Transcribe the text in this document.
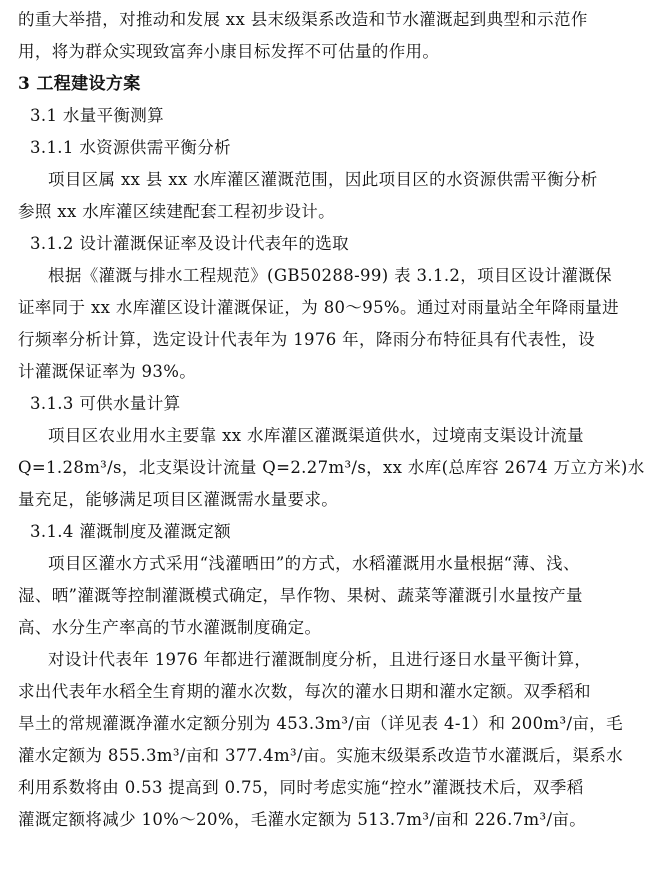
的重大举措，对推动和发展 xx 县末级渠系改造和节水灌溉起到典型和示范作
用，将为群众实现致富奔小康目标发挥不可估量的作用。
3 工程建设方案
3.1 水量平衡测算
3.1.1 水资源供需平衡分析
项目区属 xx 县 xx 水库灌区灌溉范围，因此项目区的水资源供需平衡分析
参照 xx 水库灌区续建配套工程初步设计。
3.1.2 设计灌溉保证率及设计代表年的选取
根据《灌溉与排水工程规范》(GB50288-99) 表 3.1.2，项目区设计灌溉保
证率同于 xx 水库灌区设计灌溉保证，为 80～95%。通过对雨量站全年降雨量进
行频率分析计算，选定设计代表年为 1976 年，降雨分布特征具有代表性，设
计灌溉保证率为 93%。
3.1.3 可供水量计算
项目区农业用水主要靠 xx 水库灌区灌溉渠道供水，过境南支渠设计流量
Q=1.28m³/s，北支渠设计流量 Q=2.27m³/s，xx 水库(总库容 2674 万立方米)水
量充足，能够满足项目区灌溉需水量要求。
3.1.4 灌溉制度及灌溉定额
项目区灌水方式采用“浅灌晒田”的方式，水稻灌溉用水量根据“薄、浅、
湿、晒”灌溉等控制灌溉模式确定，旱作物、果树、蔬菜等灌溉引水量按产量
高、水分生产率高的节水灌溉制度确定。
对设计代表年 1976 年都进行灌溉制度分析，且进行逐日水量平衡计算，
求出代表年水稻全生育期的灌水次数，每次的灌水日期和灌水定额。双季稻和
旱土的常规灌溉净灌水定额分别为 453.3m³/亩（详见表 4-1）和 200m³/亩，毛
灌水定额为 855.3m³/亩和 377.4m³/亩。实施末级渠系改造节水灌溉后，渠系水
利用系数将由 0.53 提高到 0.75，同时考虑实施“控水”灌溉技术后，双季稻
灌溉定额将减少 10%～20%，毛灌水定额为 513.7m³/亩和 226.7m³/亩。
